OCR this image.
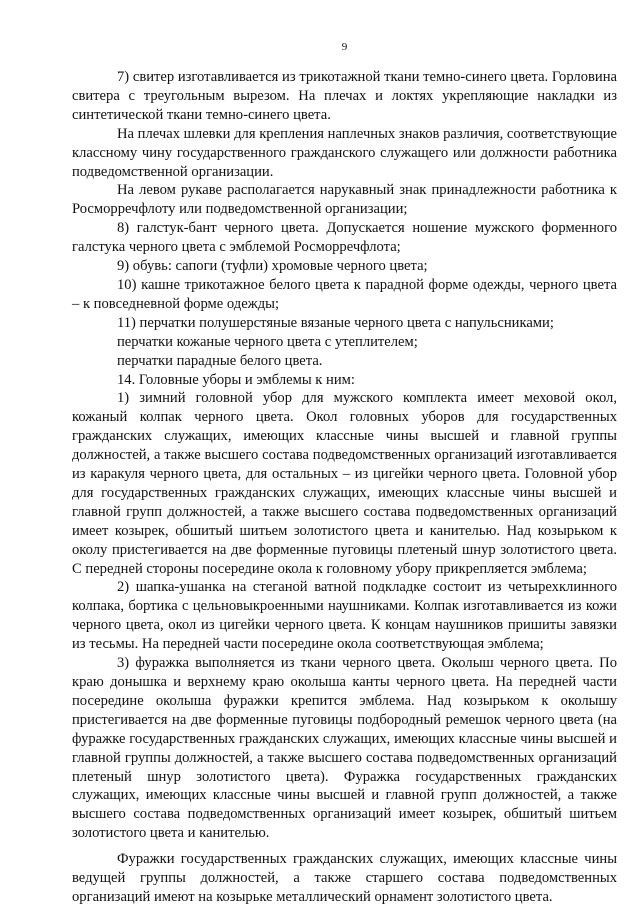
9

7) свитер изготавливается из трикотажной ткани темно-синего цвета. Горловина свитера с треугольным вырезом. На плечах и локтях укрепляющие накладки из синтетической ткани темно-синего цвета.

На плечах шлевки для крепления наплечных знаков различия, соответствующие классному чину государственного гражданского служащего или должности работника подведомственной организации.

На левом рукаве располагается нарукавный знак принадлежности работника к Росморречфлоту или подведомственной организации;

8) галстук-бант черного цвета. Допускается ношение мужского форменного галстука черного цвета с эмблемой Росморречфлота;

9) обувь: сапоги (туфли) хромовые черного цвета;

10) кашне трикотажное белого цвета к парадной форме одежды, черного цвета – к повседневной форме одежды;

11) перчатки полушерстяные вязаные черного цвета с напульсниками;

перчатки кожаные черного цвета с утеплителем;

перчатки парадные белого цвета.

14. Головные уборы и эмблемы к ним:

1) зимний головной убор для мужского комплекта имеет меховой окол, кожаный колпак черного цвета. Окол головных уборов для государственных гражданских служащих, имеющих классные чины высшей и главной группы должностей, а также высшего состава подведомственных организаций изготавливается из каракуля черного цвета, для остальных – из цигейки черного цвета. Головной убор для государственных гражданских служащих, имеющих классные чины высшей и главной групп должностей, а также высшего состава подведомственных организаций имеет козырек, обшитый шитьем золотистого цвета и канителью. Над козырьком к околу пристегивается на две форменные пуговицы плетеный шнур золотистого цвета. С передней стороны посередине окола к головному убору прикрепляется эмблема;

2) шапка-ушанка на стеганой ватной подкладке состоит из четырехклинного колпака, бортика с цельновыкроенными наушниками. Колпак изготавливается из кожи черного цвета, окол из цигейки черного цвета. К концам наушников пришиты завязки из тесьмы. На передней части посередине окола соответствующая эмблема;

3) фуражка выполняется из ткани черного цвета. Околыш черного цвета. По краю донышка и верхнему краю околыша канты черного цвета. На передней части посередине околыша фуражки крепится эмблема. Над козырьком к околышу пристегивается на две форменные пуговицы подбородный ремешок черного цвета (на фуражке государственных гражданских служащих, имеющих классные чины высшей и главной группы должностей, а также высшего состава подведомственных организаций плетеный шнур золотистого цвета). Фуражка государственных гражданских служащих, имеющих классные чины высшей и главной групп должностей, а также высшего состава подведомственных организаций имеет козырек, обшитый шитьем золотистого цвета и канителью.

Фуражки государственных гражданских служащих, имеющих классные чины ведущей группы должностей, а также старшего состава подведомственных организаций имеют на козырьке металлический орнамент золотистого цвета.
